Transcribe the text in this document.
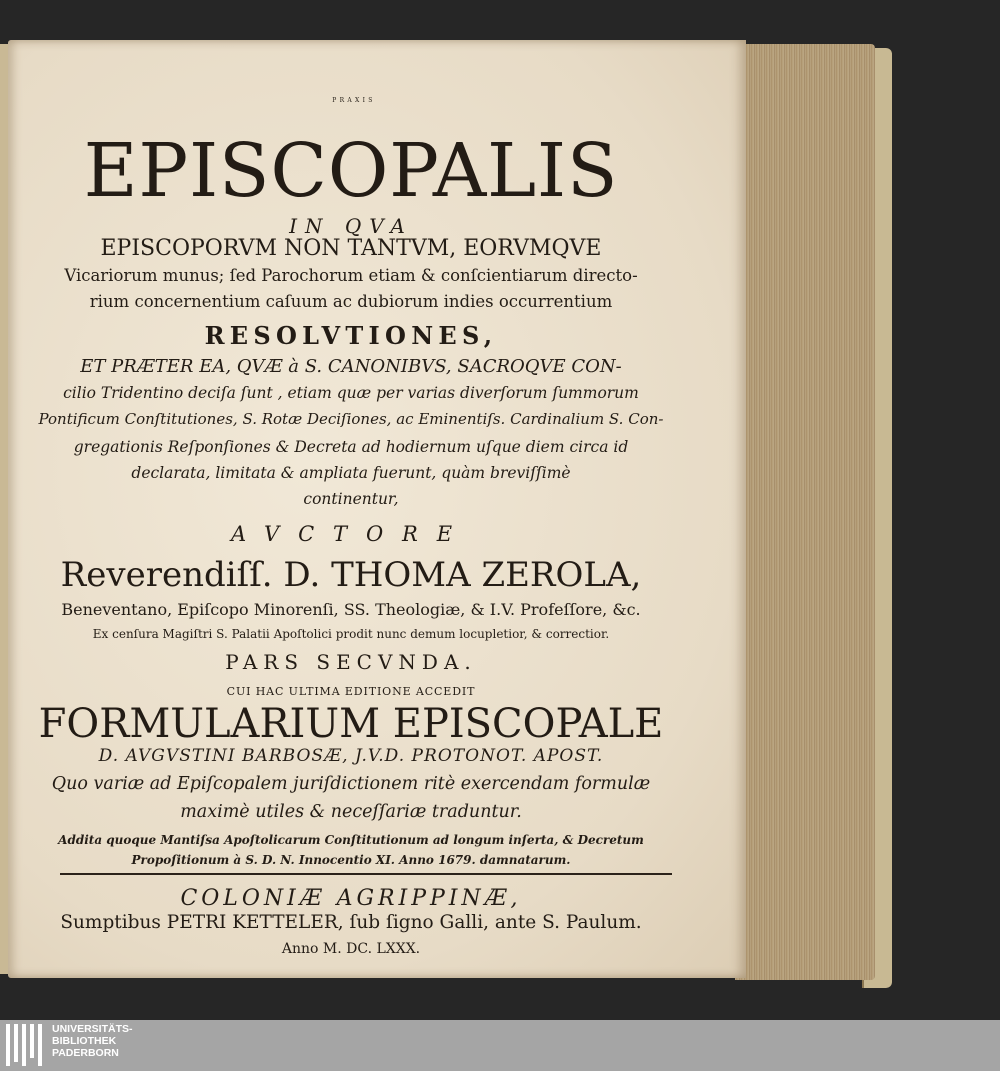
PRAXIS
EPISCOPALIS
IN QVA
EPISCOPORVM NON TANTVM, EORVMQVE
Vicariorum munus; ſed Parochorum etiam & conſcientiarum directo-
rium concernentium caſuum ac dubiorum indies occurrentium
RESOLVTIONES,
ET PRÆTER EA, QVÆ à S. CANONIBVS, SACROQVE CON-
cilio Tridentino deciſa ſunt , etiam quæ per varias diverſorum ſummorum
Pontificum Conſtitutiones, S. Rotæ Deciſiones, ac Eminentiſs. Cardinalium S. Con-
gregationis Reſponſiones & Decreta ad hodiernum uſque diem circa id
declarata, limitata & ampliata fuerunt, quàm breviſſimè
continentur,
AVCTORE
Reverendiſſ. D. THOMA ZEROLA,
Beneventano, Epiſcopo Minorenſi, SS. Theologiæ, & I.V. Profeſſore, &c.
Ex cenſura Magiſtri S. Palatii Apoſtolici prodit nunc demum locupletior, & correctior.
PARS SECVNDA.
CUI HAC ULTIMA EDITIONE ACCEDIT
FORMULARIUM EPISCOPALE
D. AVGVSTINI BARBOSÆ, J.V.D. PROTONOT. APOST.
Quo variæ ad Epiſcopalem juriſdictionem ritè exercendam formulæ
maximè utiles & neceſſariæ traduntur.
Addita quoque Mantiſsa Apoſtolicarum Conſtitutionum ad longum inſerta, & Decretum
Propoſitionum à S. D. N. Innocentio XI. Anno 1679. damnatarum.
COLONIÆ AGRIPPINÆ,
Sumptibus PETRI KETTELER, ſub ſigno Galli, ante S. Paulum.
Anno M. DC. LXXX.
UNIVERSITÄTS-
BIBLIOTHEK
PADERBORN
